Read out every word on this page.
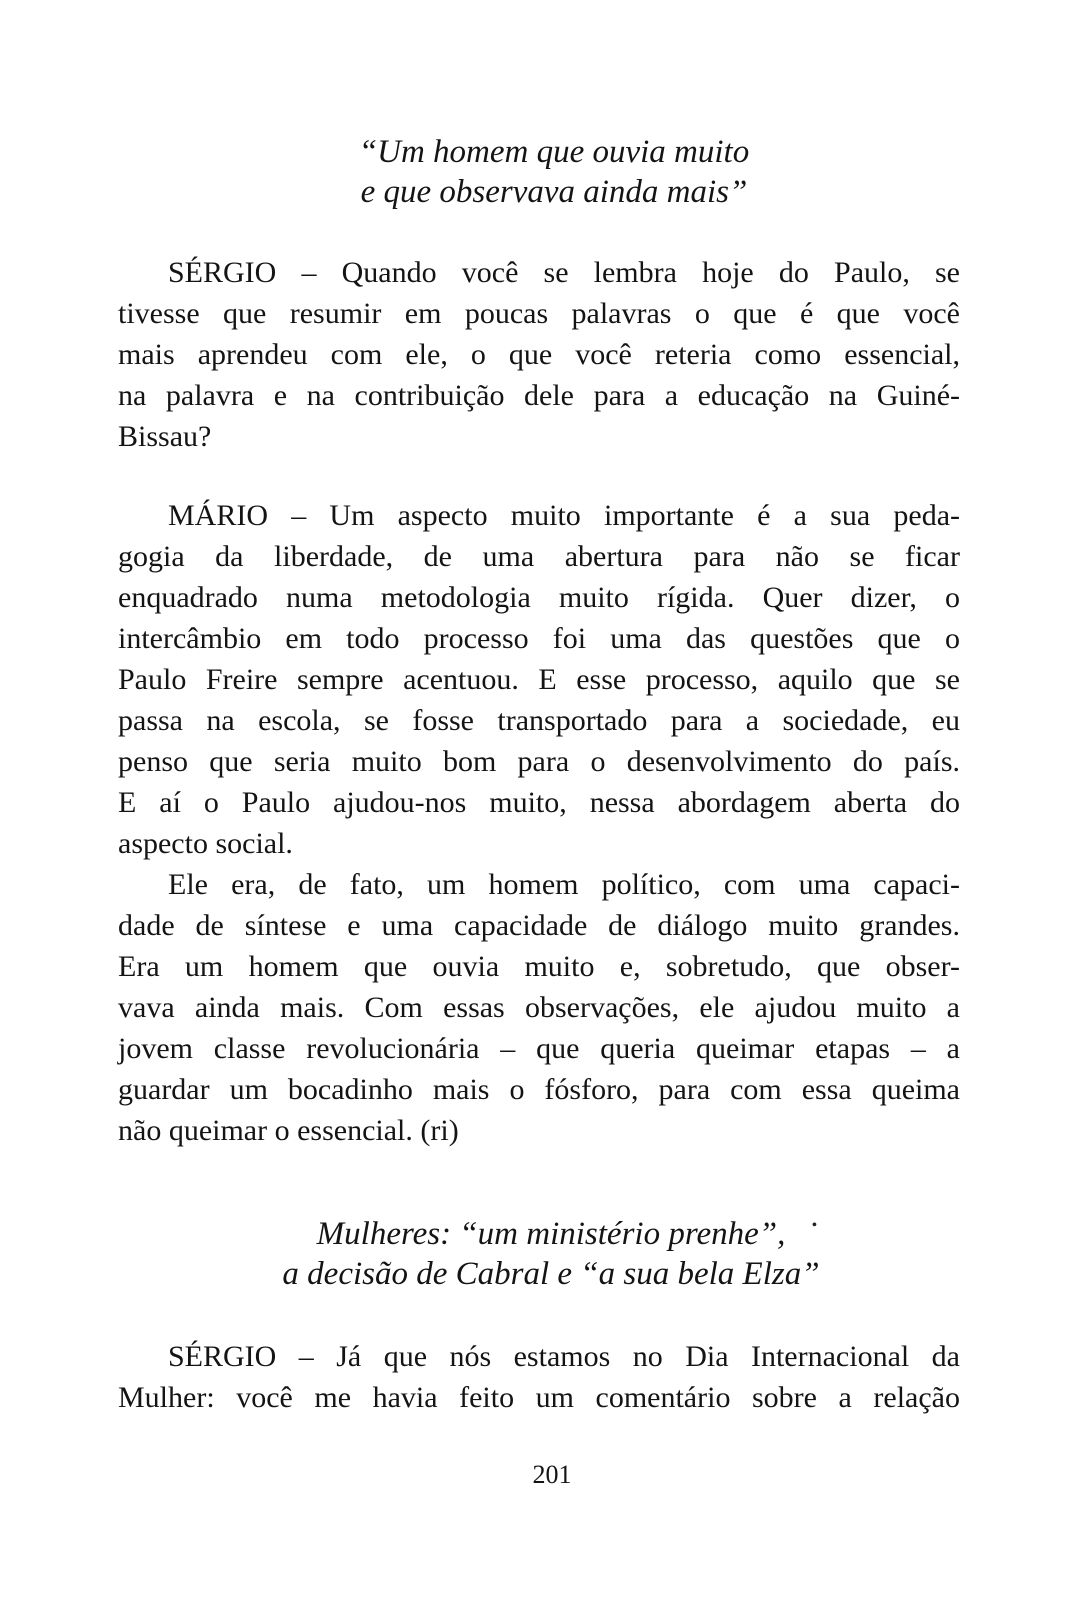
“Um homem que ouvia muito
e que observava ainda mais”

SÉRGIO – Quando você se lembra hoje do Paulo, se
tivesse que resumir em poucas palavras o que é que você
mais aprendeu com ele, o que você reteria como essencial,
na palavra e na contribuição dele para a educação na Guiné-
Bissau?

MÁRIO – Um aspecto muito importante é a sua peda-
gogia da liberdade, de uma abertura para não se ficar
enquadrado numa metodologia muito rígida. Quer dizer, o
intercâmbio em todo processo foi uma das questões que o
Paulo Freire sempre acentuou. E esse processo, aquilo que se
passa na escola, se fosse transportado para a sociedade, eu
penso que seria muito bom para o desenvolvimento do país.
E aí o Paulo ajudou-nos muito, nessa abordagem aberta do
aspecto social.

Ele era, de fato, um homem político, com uma capaci-
dade de síntese e uma capacidade de diálogo muito grandes.
Era um homem que ouvia muito e, sobretudo, que obser-
vava ainda mais. Com essas observações, ele ajudou muito a
jovem classe revolucionária – que queria queimar etapas – a
guardar um bocadinho mais o fósforo, para com essa queima
não queimar o essencial. (ri)

Mulheres: “um ministério prenhe”,
a decisão de Cabral e “a sua bela Elza”
•

SÉRGIO – Já que nós estamos no Dia Internacional da
Mulher: você me havia feito um comentário sobre a relação

201
